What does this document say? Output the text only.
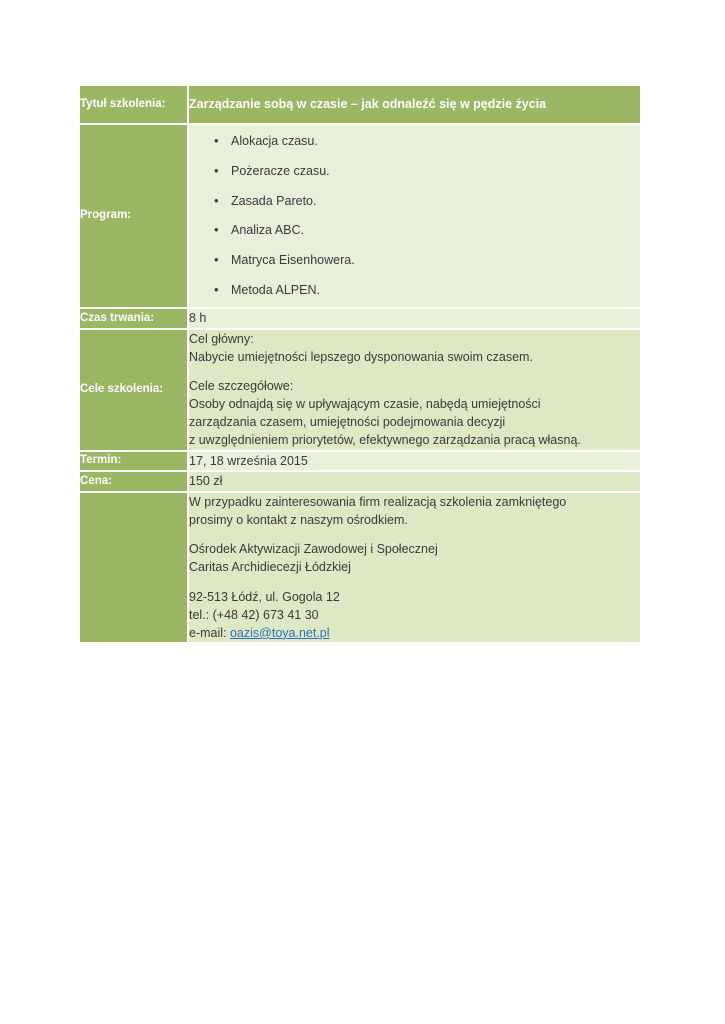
Tytuł szkolenia:	Zarządzanie sobą w czasie – jak odnaleźć się w pędzie życia
Program:	
• Alokacja czasu.
• Pożeracze czasu.
• Zasada Pareto.
• Analiza ABC.
• Matryca Eisenhowera.
• Metoda ALPEN.

Czas trwania:	8 h
Cele szkolenia:	
Cel główny:
Nabycie umiejętności lepszego dysponowania swoim czasem.
Cele szczegółowe:
Osoby odnajdą się w upływającym czasie, nabędą umiejętności
zarządzania czasem, umiejętności podejmowania decyzji
z uwzględnieniem priorytetów, efektywnego zarządzania pracą własną.

Termin:	17, 18 września 2015
Cena:	150 zł

W przypadku zainteresowania firm realizacją szkolenia zamkniętego
prosimy o kontakt z naszym ośrodkiem.
Ośrodek Aktywizacji Zawodowej i Społecznej
Caritas Archidiecezji Łódzkiej
92-513 Łódź, ul. Gogola 12
tel.: (+48 42) 673 41 30
e-mail: oazis@toya.net.pl
